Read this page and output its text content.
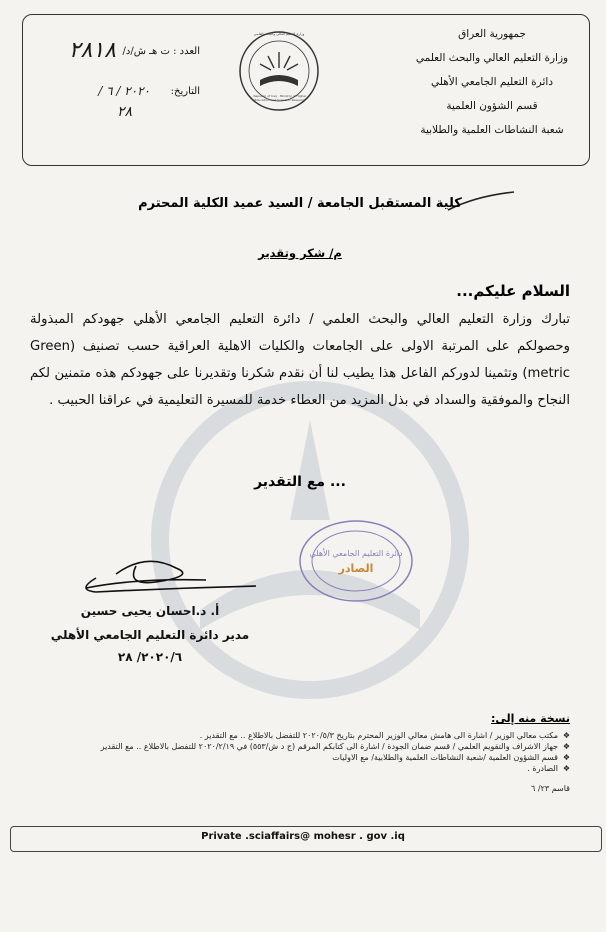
جمهورية العراق
وزارة التعليم العالي والبحث العلمي
دائرة التعليم الجامعي الأهلي
قسم الشؤون العلمية
شعبة النشاطات العلمية والطلابية
Republic of Iraq · Ministry of Higher Education and Scientific Research
وزارة التعليم العالي والبحث العلمي
العدد : ت هـ ش/د/
٢٨١٨
التاريخ:
٢٠٢٠ / ٦ /
٢٨
كلية المستقبل الجامعة / السيد عميد الكلية المحترم
م/ شكر وتقدير
السلام عليكم...
تبارك وزارة التعليم العالي والبحث العلمي / دائرة التعليم الجامعي الأهلي جهودكم المبذولة وحصولكم على المرتبة الاولى على الجامعات والكليات الاهلية العراقية حسب تصنيف (Green metric) وتثمينا لدوركم الفاعل هذا يطيب لنا أن نقدم شكرنا وتقديرنا على جهودكم هذه متمنين لكم النجاح والموفقية والسداد في بذل المزيد من العطاء خدمة للمسيرة التعليمية في عراقنا الحبيب .
... مع التقدير
دائرة التعليم الجامعي الأهلي
الصادر
أ. د.احسان يحيى حسين
مدير دائرة التعليم الجامعي الأهلي
٢٠٢٠/٦/ ٢٨
نسخة منه إلى:
❖ مكتب معالي الوزير / اشارة الى هامش معالي الوزير المحترم بتاريخ ٢٠٢٠/٥/٣ للتفضل بالاطلاع .. مع التقدير .
❖ جهاز الاشراف والتقويم العلمي / قسم ضمان الجودة / اشارة الى كتابكم المرقم (ج د ش/٥٥٣) في ٢٠٢٠/٢/١٩ للتفضل بالاطلاع .. مع التقدير
❖ قسم الشؤون العلمية /شعبة النشاطات العلمية والطلابية/ مع الاوليات
❖ الصادرة .
قاسم ٢٣/ ٦
Private .sciaffairs@ mohesr . gov .iq
